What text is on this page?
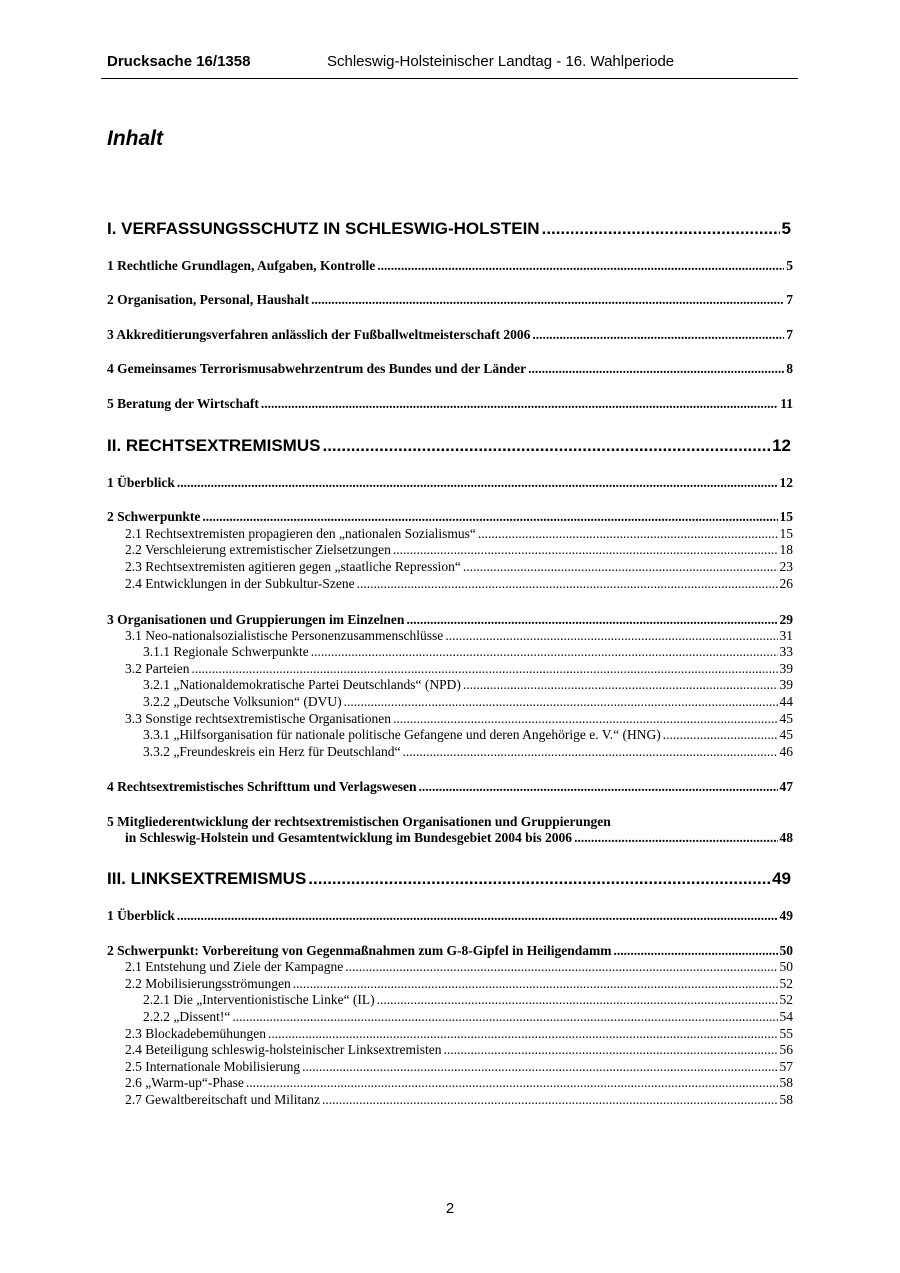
Drucksache 16/1358	Schleswig-Holsteinischer Landtag - 16. Wahlperiode
Inhalt
I. VERFASSUNGSSCHUTZ IN SCHLESWIG-HOLSTEIN .....	5
1 Rechtliche Grundlagen, Aufgaben, Kontrolle .....	5
2 Organisation, Personal, Haushalt .....	7
3 Akkreditierungsverfahren anlässlich der Fußballweltmeisterschaft 2006 .....	7
4 Gemeinsames Terrorismusabwehrzentrum des Bundes und der Länder .....	8
5 Beratung der Wirtschaft .....	11
II. RECHTSEXTREMISMUS .....	12
1 Überblick .....	12
2 Schwerpunkte .....	15
2.1 Rechtsextremisten propagieren den „nationalen Sozialismus“ .....	15
2.2 Verschleierung extremistischer Zielsetzungen .....	18
2.3 Rechtsextremisten agitieren gegen „staatliche Repression“ .....	23
2.4 Entwicklungen in der Subkultur-Szene .....	26
3 Organisationen und Gruppierungen im Einzelnen .....	29
3.1 Neo-nationalsozialistische Personenzusammenschlüsse .....	31
3.1.1 Regionale Schwerpunkte .....	33
3.2 Parteien .....	39
3.2.1 „Nationaldemokratische Partei Deutschlands“ (NPD) .....	39
3.2.2 „Deutsche Volksunion“ (DVU) .....	44
3.3 Sonstige rechtsextremistische Organisationen .....	45
3.3.1 „Hilfsorganisation für nationale politische Gefangene und deren Angehörige e. V.“ (HNG) .....	45
3.3.2 „Freundeskreis ein Herz für Deutschland“ .....	46
4 Rechtsextremistisches Schrifttum und Verlagswesen .....	47
5 Mitgliederentwicklung der rechtsextremistischen Organisationen und Gruppierungen
in Schleswig-Holstein und Gesamtentwicklung im Bundesgebiet 2004 bis 2006 .....	48
III. LINKSEXTREMISMUS .....	49
1 Überblick .....	49
2 Schwerpunkt: Vorbereitung von Gegenmaßnahmen zum G-8-Gipfel in Heiligendamm .....	50
2.1 Entstehung und Ziele der Kampagne .....	50
2.2 Mobilisierungsströmungen .....	52
2.2.1 Die „Interventionistische Linke“ (IL) .....	52
2.2.2 „Dissent!“ .....	54
2.3 Blockadebemühungen .....	55
2.4 Beteiligung schleswig-holsteinischer Linksextremisten .....	56
2.5 Internationale Mobilisierung .....	57
2.6 „Warm-up“-Phase .....	58
2.7 Gewaltbereitschaft und Militanz .....	58
2
